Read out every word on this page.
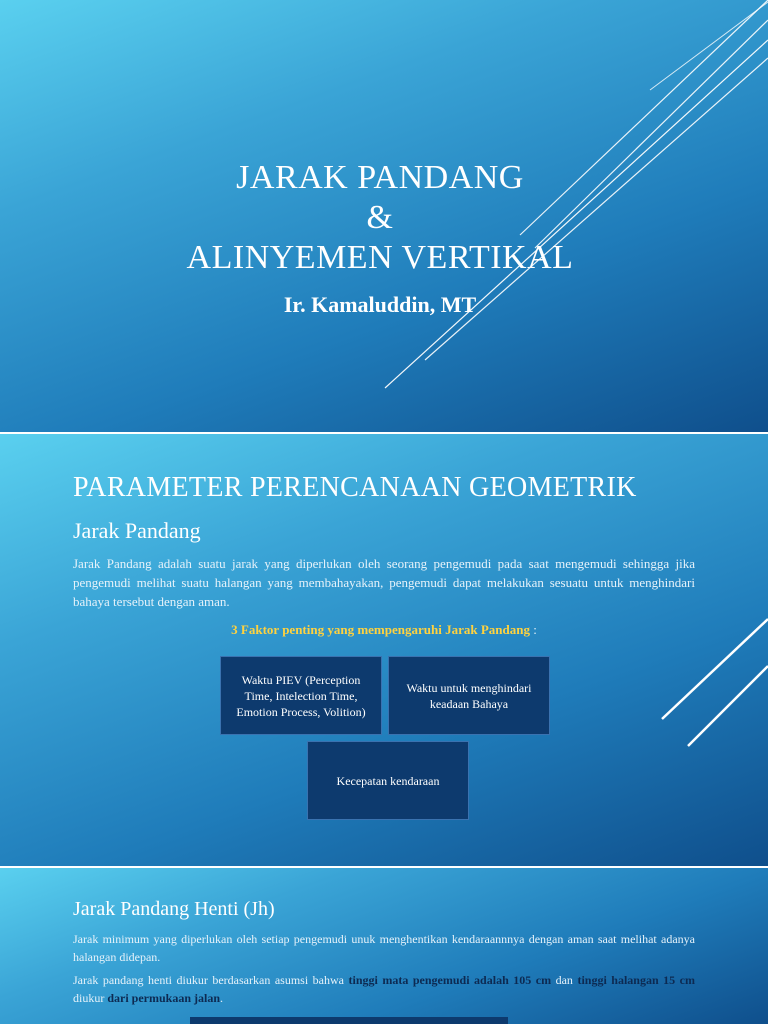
JARAK PANDANG
&
ALINYEMEN VERTIKAL
Ir. Kamaluddin, MT
PARAMETER PERENCANAAN GEOMETRIK
Jarak Pandang
Jarak Pandang adalah suatu jarak yang diperlukan oleh seorang pengemudi pada saat mengemudi sehingga jika pengemudi melihat suatu halangan yang membahayakan, pengemudi dapat melakukan sesuatu untuk menghindari bahaya tersebut dengan aman.
3 Faktor penting yang mempengaruhi Jarak Pandang :
Waktu PIEV (Perception Time, Intelection Time, Emotion Process, Volition)
Waktu untuk menghindari keadaan Bahaya
Kecepatan kendaraan
Jarak Pandang Henti (Jh)
Jarak minimum yang diperlukan oleh setiap pengemudi unuk menghentikan kendaraannnya dengan aman saat melihat adanya halangan didepan.
Jarak pandang henti diukur berdasarkan asumsi bahwa tinggi mata pengemudi adalah 105 cm dan tinggi halangan 15 cm diukur dari permukaan jalan.
